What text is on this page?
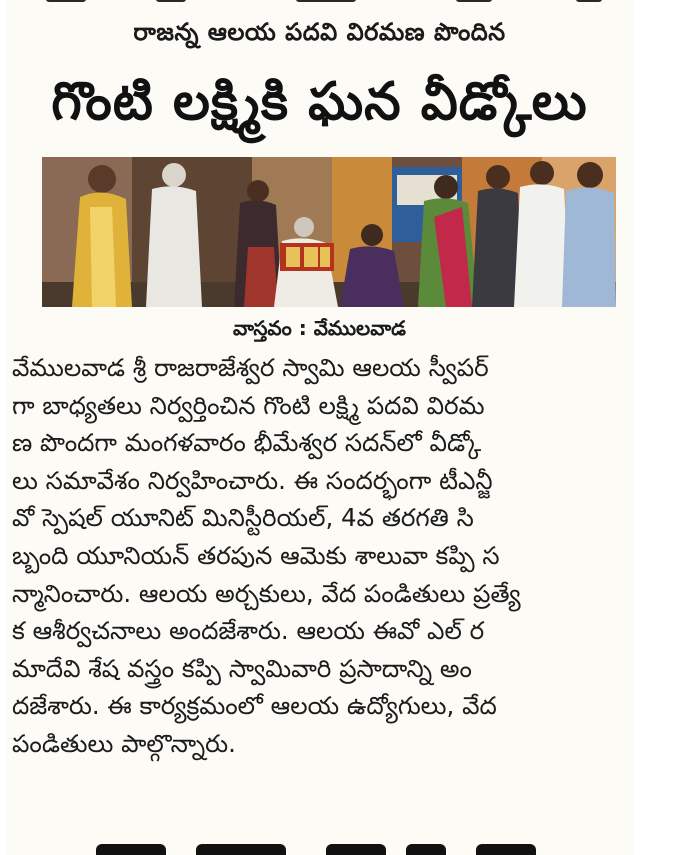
రాజన్న ఆలయ పదవి విరమణ పొందిన
గొంటి లక్ష్మికి ఘన వీడ్కోలు
వాస్తవం : వేములవాడ
వేములవాడ శ్రీ రాజరాజేశ్వర స్వామి ఆలయ స్వీపర్
గా బాధ్యతలు నిర్వర్తించిన గొంటి లక్ష్మి పదవి విరమ
ణ పొందగా మంగళవారం భీమేశ్వర సదన్‌లో వీడ్కో
లు సమావేశం నిర్వహించారు. ఈ సందర్భంగా టీఎన్జీ
వో స్పెషల్ యూనిట్ మినిస్టీరియల్, 4వ తరగతి సి
బ్బంది యూనియన్ తరపున ఆమెకు శాలువా కప్పి స
న్మానించారు. ఆలయ అర్చకులు, వేద పండితులు ప్రత్యే
క ఆశీర్వచనాలు అందజేశారు. ఆలయ ఈవో ఎల్ ర
మాదేవి శేష వస్త్రం కప్పి స్వామివారి ప్రసాదాన్ని అం
దజేశారు. ఈ కార్యక్రమంలో ఆలయ ఉద్యోగులు, వేద
పండితులు పాల్గొన్నారు.
